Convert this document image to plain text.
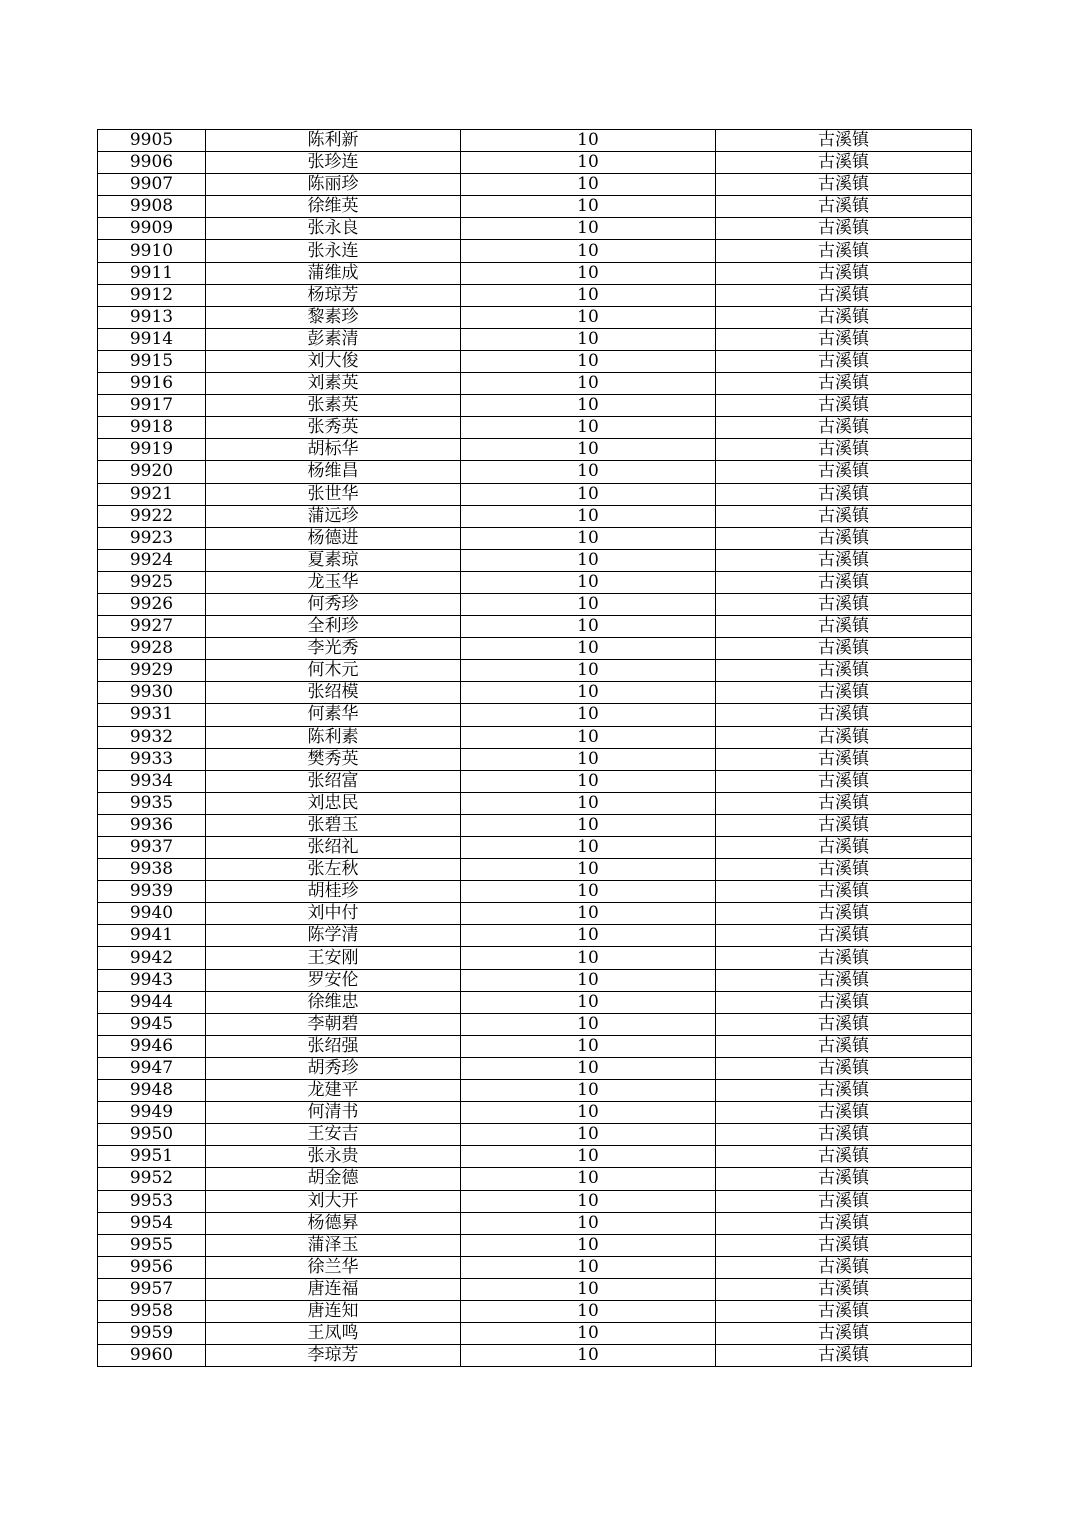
9905	陈利新	10	古溪镇
9906	张珍连	10	古溪镇
9907	陈丽珍	10	古溪镇
9908	徐维英	10	古溪镇
9909	张永良	10	古溪镇
9910	张永连	10	古溪镇
9911	蒲维成	10	古溪镇
9912	杨琼芳	10	古溪镇
9913	黎素珍	10	古溪镇
9914	彭素清	10	古溪镇
9915	刘大俊	10	古溪镇
9916	刘素英	10	古溪镇
9917	张素英	10	古溪镇
9918	张秀英	10	古溪镇
9919	胡标华	10	古溪镇
9920	杨维昌	10	古溪镇
9921	张世华	10	古溪镇
9922	蒲远珍	10	古溪镇
9923	杨德进	10	古溪镇
9924	夏素琼	10	古溪镇
9925	龙玉华	10	古溪镇
9926	何秀珍	10	古溪镇
9927	全利珍	10	古溪镇
9928	李光秀	10	古溪镇
9929	何木元	10	古溪镇
9930	张绍模	10	古溪镇
9931	何素华	10	古溪镇
9932	陈利素	10	古溪镇
9933	樊秀英	10	古溪镇
9934	张绍富	10	古溪镇
9935	刘忠民	10	古溪镇
9936	张碧玉	10	古溪镇
9937	张绍礼	10	古溪镇
9938	张左秋	10	古溪镇
9939	胡桂珍	10	古溪镇
9940	刘中付	10	古溪镇
9941	陈学清	10	古溪镇
9942	王安刚	10	古溪镇
9943	罗安伦	10	古溪镇
9944	徐维忠	10	古溪镇
9945	李朝碧	10	古溪镇
9946	张绍强	10	古溪镇
9947	胡秀珍	10	古溪镇
9948	龙建平	10	古溪镇
9949	何清书	10	古溪镇
9950	王安吉	10	古溪镇
9951	张永贵	10	古溪镇
9952	胡金德	10	古溪镇
9953	刘大开	10	古溪镇
9954	杨德昪	10	古溪镇
9955	蒲泽玉	10	古溪镇
9956	徐兰华	10	古溪镇
9957	唐连福	10	古溪镇
9958	唐连知	10	古溪镇
9959	王凤鸣	10	古溪镇
9960	李琼芳	10	古溪镇
